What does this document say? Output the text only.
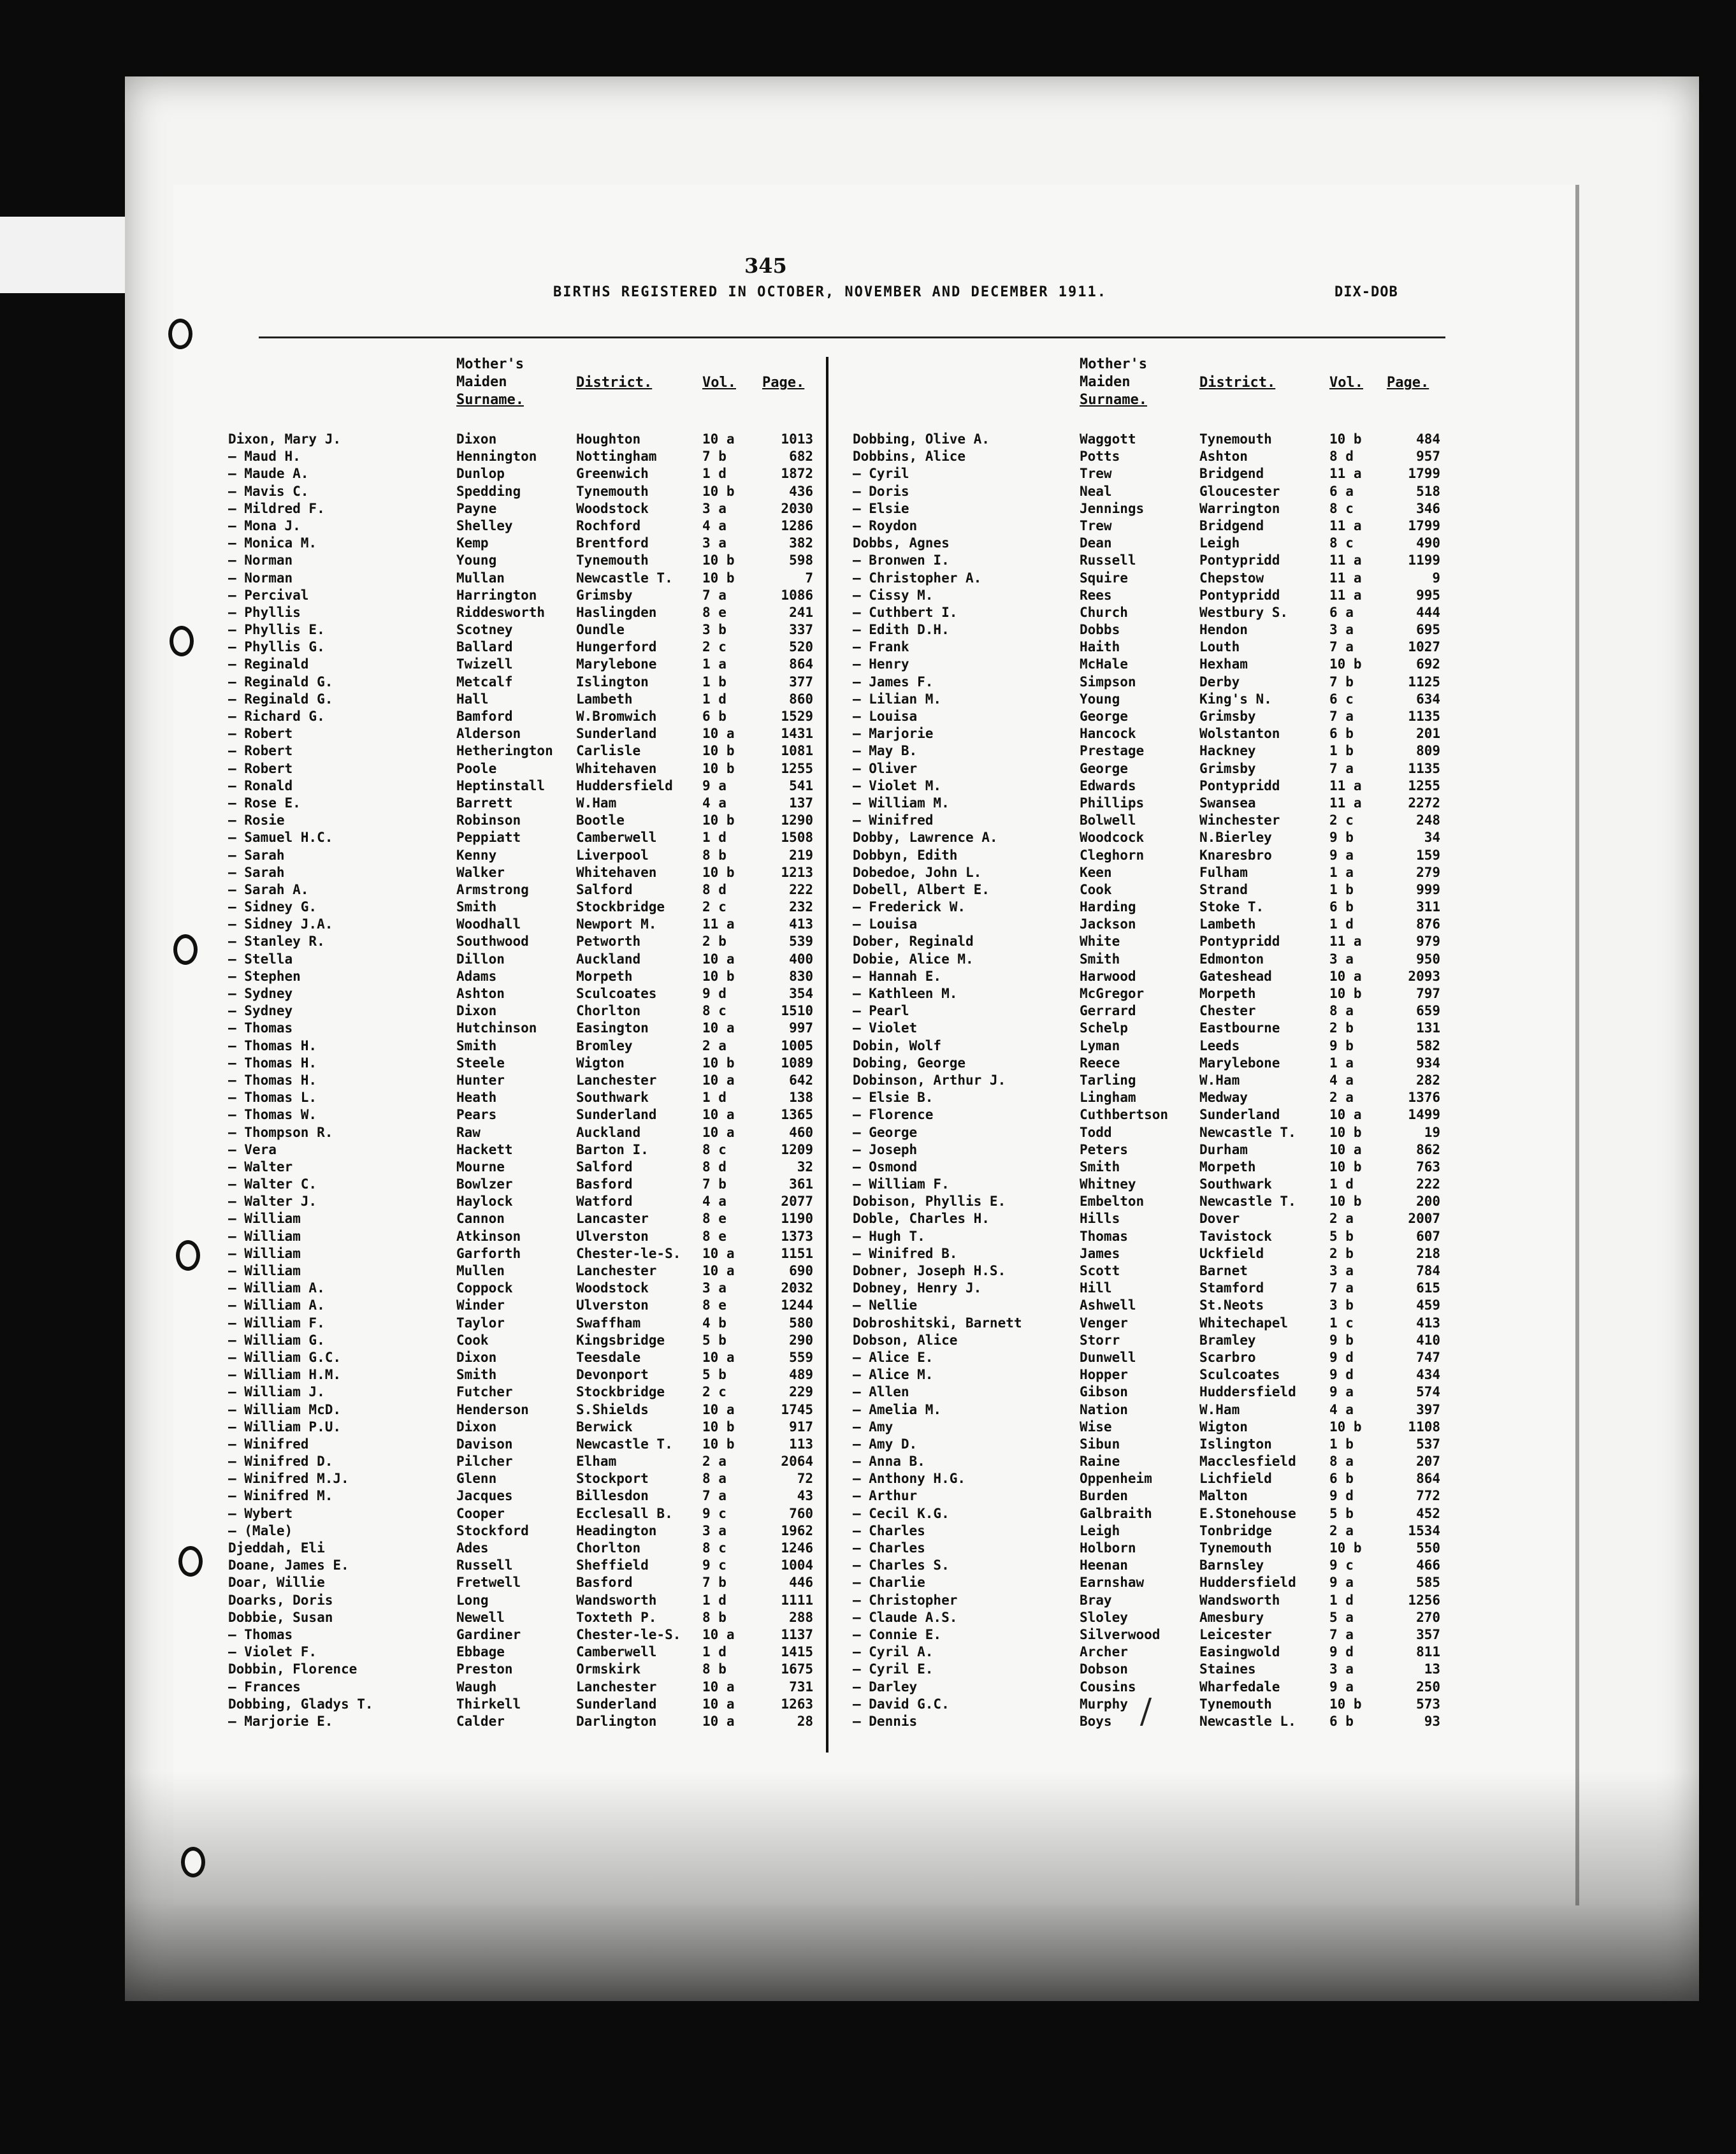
345
BIRTHS REGISTERED IN OCTOBER, NOVEMBER AND DECEMBER 1911.	DIX-DOB
Mother's
Maiden
Surname.
District.	Vol. Page.
Dixon, Mary J.	Dixon	Houghton	10 a	1013
— Maud H.	Hennington	Nottingham	7 b	682
— Maude A.	Dunlop	Greenwich	1 d	1872
— Mavis C.	Spedding	Tynemouth	10 b	436
— Mildred F.	Payne	Woodstock	3 a	2030
— Mona J.	Shelley	Rochford	4 a	1286
— Monica M.	Kemp	Brentford	3 a	382
— Norman	Young	Tynemouth	10 b	598
— Norman	Mullan	Newcastle T.	10 b	7
— Percival	Harrington	Grimsby	7 a	1086
— Phyllis	Riddesworth	Haslingden	8 e	241
— Phyllis E.	Scotney	Oundle	3 b	337
— Phyllis G.	Ballard	Hungerford	2 c	520
— Reginald	Twizell	Marylebone	1 a	864
— Reginald G.	Metcalf	Islington	1 b	377
— Reginald G.	Hall	Lambeth	1 d	860
— Richard G.	Bamford	W.Bromwich	6 b	1529
— Robert	Alderson	Sunderland	10 a	1431
— Robert	Hetherington	Carlisle	10 b	1081
— Robert	Poole	Whitehaven	10 b	1255
— Ronald	Heptinstall	Huddersfield	9 a	541
— Rose E.	Barrett	W.Ham	4 a	137
— Rosie	Robinson	Bootle	10 b	1290
— Samuel H.C.	Peppiatt	Camberwell	1 d	1508
— Sarah	Kenny	Liverpool	8 b	219
— Sarah	Walker	Whitehaven	10 b	1213
— Sarah A.	Armstrong	Salford	8 d	222
— Sidney G.	Smith	Stockbridge	2 c	232
— Sidney J.A.	Woodhall	Newport M.	11 a	413
— Stanley R.	Southwood	Petworth	2 b	539
— Stella	Dillon	Auckland	10 a	400
— Stephen	Adams	Morpeth	10 b	830
— Sydney	Ashton	Sculcoates	9 d	354
— Sydney	Dixon	Chorlton	8 c	1510
— Thomas	Hutchinson	Easington	10 a	997
— Thomas H.	Smith	Bromley	2 a	1005
— Thomas H.	Steele	Wigton	10 b	1089
— Thomas H.	Hunter	Lanchester	10 a	642
— Thomas L.	Heath	Southwark	1 d	138
— Thomas W.	Pears	Sunderland	10 a	1365
— Thompson R.	Raw	Auckland	10 a	460
— Vera	Hackett	Barton I.	8 c	1209
— Walter	Mourne	Salford	8 d	32
— Walter C.	Bowlzer	Basford	7 b	361
— Walter J.	Haylock	Watford	4 a	2077
— William	Cannon	Lancaster	8 e	1190
— William	Atkinson	Ulverston	8 e	1373
— William	Garforth	Chester-le-S.	10 a	1151
— William	Mullen	Lanchester	10 a	690
— William A.	Coppock	Woodstock	3 a	2032
— William A.	Winder	Ulverston	8 e	1244
— William F.	Taylor	Swaffham	4 b	580
— William G.	Cook	Kingsbridge	5 b	290
— William G.C.	Dixon	Teesdale	10 a	559
— William H.M.	Smith	Devonport	5 b	489
— William J.	Futcher	Stockbridge	2 c	229
— William McD.	Henderson	S.Shields	10 a	1745
— William P.U.	Dixon	Berwick	10 b	917
— Winifred	Davison	Newcastle T.	10 b	113
— Winifred D.	Pilcher	Elham	2 a	2064
— Winifred M.J.	Glenn	Stockport	8 a	72
— Winifred M.	Jacques	Billesdon	7 a	43
— Wybert	Cooper	Ecclesall B.	9 c	760
— (Male)	Stockford	Headington	3 a	1962
Djeddah, Eli	Ades	Chorlton	8 c	1246
Doane, James E.	Russell	Sheffield	9 c	1004
Doar, Willie	Fretwell	Basford	7 b	446
Doarks, Doris	Long	Wandsworth	1 d	1111
Dobbie, Susan	Newell	Toxteth P.	8 b	288
— Thomas	Gardiner	Chester-le-S.	10 a	1137
— Violet F.	Ebbage	Camberwell	1 d	1415
Dobbin, Florence	Preston	Ormskirk	8 b	1675
— Frances	Waugh	Lanchester	10 a	731
Dobbing, Gladys T.	Thirkell	Sunderland	10 a	1263
— Marjorie E.	Calder	Darlington	10 a	28
Mother's
Maiden
Surname.
District.	Vol. Page.
Dobbing, Olive A.	Waggott	Tynemouth	10 b	484
Dobbins, Alice	Potts	Ashton	8 d	957
— Cyril	Trew	Bridgend	11 a	1799
— Doris	Neal	Gloucester	6 a	518
— Elsie	Jennings	Warrington	8 c	346
— Roydon	Trew	Bridgend	11 a	1799
Dobbs, Agnes	Dean	Leigh	8 c	490
— Bronwen I.	Russell	Pontypridd	11 a	1199
— Christopher A.	Squire	Chepstow	11 a	9
— Cissy M.	Rees	Pontypridd	11 a	995
— Cuthbert I.	Church	Westbury S.	6 a	444
— Edith D.H.	Dobbs	Hendon	3 a	695
— Frank	Haith	Louth	7 a	1027
— Henry	McHale	Hexham	10 b	692
— James F.	Simpson	Derby	7 b	1125
— Lilian M.	Young	King's N.	6 c	634
— Louisa	George	Grimsby	7 a	1135
— Marjorie	Hancock	Wolstanton	6 b	201
— May B.	Prestage	Hackney	1 b	809
— Oliver	George	Grimsby	7 a	1135
— Violet M.	Edwards	Pontypridd	11 a	1255
— William M.	Phillips	Swansea	11 a	2272
— Winifred	Bolwell	Winchester	2 c	248
Dobby, Lawrence A.	Woodcock	N.Bierley	9 b	34
Dobbyn, Edith	Cleghorn	Knaresbro	9 a	159
Dobedoe, John L.	Keen	Fulham	1 a	279
Dobell, Albert E.	Cook	Strand	1 b	999
— Frederick W.	Harding	Stoke T.	6 b	311
— Louisa	Jackson	Lambeth	1 d	876
Dober, Reginald	White	Pontypridd	11 a	979
Dobie, Alice M.	Smith	Edmonton	3 a	950
— Hannah E.	Harwood	Gateshead	10 a	2093
— Kathleen M.	McGregor	Morpeth	10 b	797
— Pearl	Gerrard	Chester	8 a	659
— Violet	Schelp	Eastbourne	2 b	131
Dobin, Wolf	Lyman	Leeds	9 b	582
Dobing, George	Reece	Marylebone	1 a	934
Dobinson, Arthur J.	Tarling	W.Ham	4 a	282
— Elsie B.	Lingham	Medway	2 a	1376
— Florence	Cuthbertson	Sunderland	10 a	1499
— George	Todd	Newcastle T.	10 b	19
— Joseph	Peters	Durham	10 a	862
— Osmond	Smith	Morpeth	10 b	763
— William F.	Whitney	Southwark	1 d	222
Dobison, Phyllis E.	Embelton	Newcastle T.	10 b	200
Doble, Charles H.	Hills	Dover	2 a	2007
— Hugh T.	Thomas	Tavistock	5 b	607
— Winifred B.	James	Uckfield	2 b	218
Dobner, Joseph H.S.	Scott	Barnet	3 a	784
Dobney, Henry J.	Hill	Stamford	7 a	615
— Nellie	Ashwell	St.Neots	3 b	459
Dobroshitski, Barnett	Venger	Whitechapel	1 c	413
Dobson, Alice	Storr	Bramley	9 b	410
— Alice E.	Dunwell	Scarbro	9 d	747
— Alice M.	Hopper	Sculcoates	9 d	434
— Allen	Gibson	Huddersfield	9 a	574
— Amelia M.	Nation	W.Ham	4 a	397
— Amy	Wise	Wigton	10 b	1108
— Amy D.	Sibun	Islington	1 b	537
— Anna B.	Raine	Macclesfield	8 a	207
— Anthony H.G.	Oppenheim	Lichfield	6 b	864
— Arthur	Burden	Malton	9 d	772
— Cecil K.G.	Galbraith	E.Stonehouse	5 b	452
— Charles	Leigh	Tonbridge	2 a	1534
— Charles	Holborn	Tynemouth	10 b	550
— Charles S.	Heenan	Barnsley	9 c	466
— Charlie	Earnshaw	Huddersfield	9 a	585
— Christopher	Bray	Wandsworth	1 d	1256
— Claude A.S.	Sloley	Amesbury	5 a	270
— Connie E.	Silverwood	Leicester	7 a	357
— Cyril A.	Archer	Easingwold	9 d	811
— Cyril E.	Dobson	Staines	3 a	13
— Darley	Cousins	Wharfedale	9 a	250
— David G.C.	Murphy	Tynemouth	10 b	573
— Dennis	Boys	Newcastle L.	6 b	93
